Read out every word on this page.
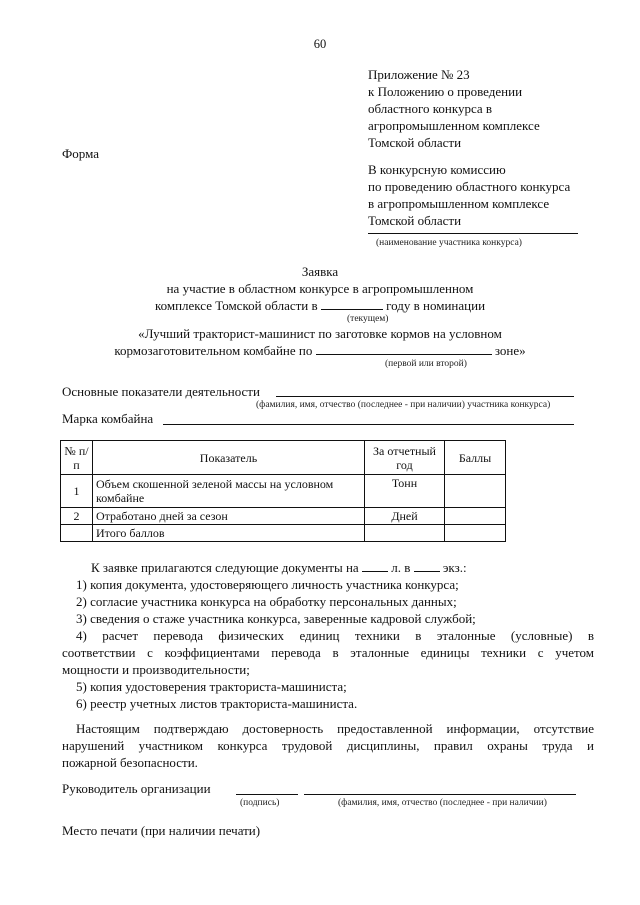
60
Приложение № 23
к Положению о проведении
областного конкурса в
агропромышленном комплексе
Томской области
Форма
В конкурсную комиссию
по проведению областного конкурса
в агропромышленном комплексе
Томской области
(наименование участника конкурса)
Заявка
на участие в областном конкурсе в агропромышленном
комплексе Томской области в	году в номинации
(текущем)
«Лучший тракторист-машинист по заготовке кормов на условном
кормозаготовительном комбайне по	зоне»
(первой или второй)
Основные показатели деятельности
(фамилия, имя, отчество (последнее - при наличии) участника конкурса)
Марка комбайна
№ п/п	Показатель	За отчетный год	Баллы
1	Объем скошенной зеленой массы на условном комбайне	Тонн	
2	Отработано дней за сезон	Дней	
	Итого баллов		
К заявке прилагаются следующие документы на	л. в	экз.:
1) копия документа, удостоверяющего личность участника конкурса;
2) согласие участника конкурса на обработку персональных данных;
3) сведения о стаже участника конкурса, заверенные кадровой службой;
4) расчет перевода физических единиц техники в эталонные (условные) в
соответствии с коэффициентами перевода в эталонные единицы техники с учетом
мощности и производительности;
5) копия удостоверения тракториста-машиниста;
6) реестр учетных листов тракториста-машиниста.
Настоящим подтверждаю достоверность предоставленной информации, отсутствие
нарушений участником конкурса трудовой дисциплины, правил охраны труда и
пожарной безопасности.
Руководитель организации
(подпись)	(фамилия, имя, отчество (последнее - при наличии)
Место печати (при наличии печати)
